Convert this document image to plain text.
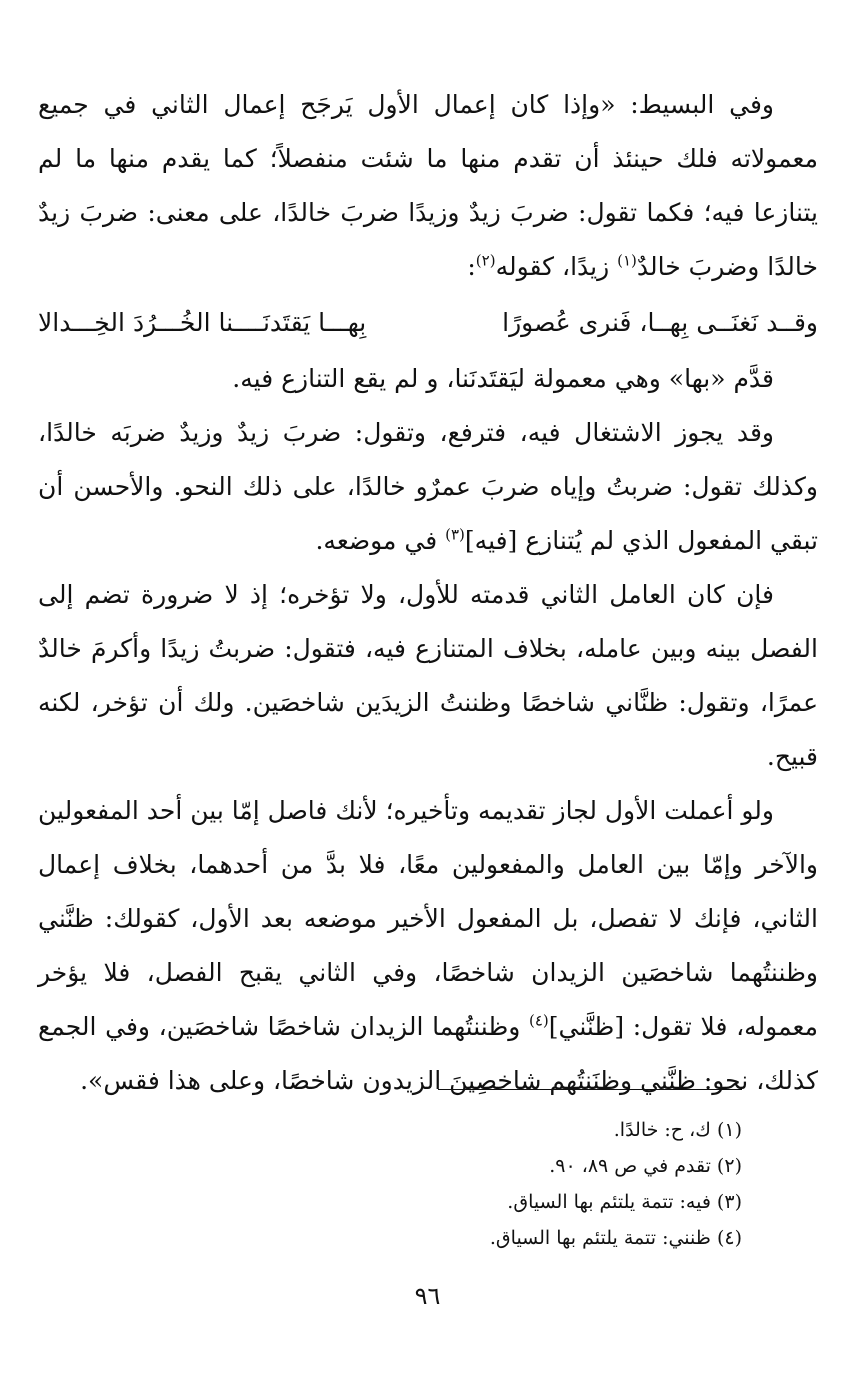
وفي البسيط: «وإذا كان إعمال الأول يَرجَح إعمال الثاني في جميع معمولاته فلك حينئذ أن تقدم منها ما شئت منفصلاً؛ كما يقدم منها ما لم يتنازعا فيه؛ فكما تقول: ضربَ زيدٌ وزيدًا ضربَ خالدًا، على معنى: ضربَ زيدٌ خالدًا وضربَ خالدٌ$^{(١)}$ زيدًا، كقوله$^{(٢)}$:

وقــد نَغنَــى بِهــا، فَنرى عُصورًا
بِهـــا يَقتَدنَــــنا الخُـــرُدَ الخِـــدالا

قدَّم «بها» وهي معمولة ليَقتَدنَنا، و لم يقع التنازع فيه.

وقد يجوز الاشتغال فيه، فترفع، وتقول: ضربَ زيدٌ وزيدٌ ضربَه خالدًا، وكذلك تقول: ضربتُ وإياه ضربَ عمرٌو خالدًا، على ذلك النحو. والأحسن أن تبقي المفعول الذي لم يُتنازع [فيه]$^{(٣)}$ في موضعه.

فإن كان العامل الثاني قدمته للأول، ولا تؤخره؛ إذ لا ضرورة تضم إلى الفصل بينه وبين عامله، بخلاف المتنازع فيه، فتقول: ضربتُ زيدًا وأكرمَ خالدٌ عمرًا، وتقول: ظنَّاني شاخصًا وظننتُ الزيدَين شاخصَين. ولك أن تؤخر، لكنه قبيح.

ولو أعملت الأول لجاز تقديمه وتأخيره؛ لأنك فاصل إمّا بين أحد المفعولين والآخر وإمّا بين العامل والمفعولين معًا، فلا بدَّ من أحدهما، بخلاف إعمال الثاني، فإنك لا تفصل، بل المفعول الأخير موضعه بعد الأول، كقولك: ظنَّني وظننتُهما شاخصَين الزيدان شاخصًا، وفي الثاني يقبح الفصل، فلا يؤخر معموله، فلا تقول: [ظنَّني]$^{(٤)}$ وظننتُهما الزيدان شاخصًا شاخصَين، وفي الجمع كذلك، نحو: ظنَّني وظنَنتُهم شاخصِينَ الزيدون شاخصًا، وعلى هذا فقس».

(١) ك، ح: خالدًا.
(٢) تقدم في ص ٨٩، ٩٠.
(٣) فيه: تتمة يلتئم بها السياق.
(٤) ظنني: تتمة يلتئم بها السياق.
٩٦
